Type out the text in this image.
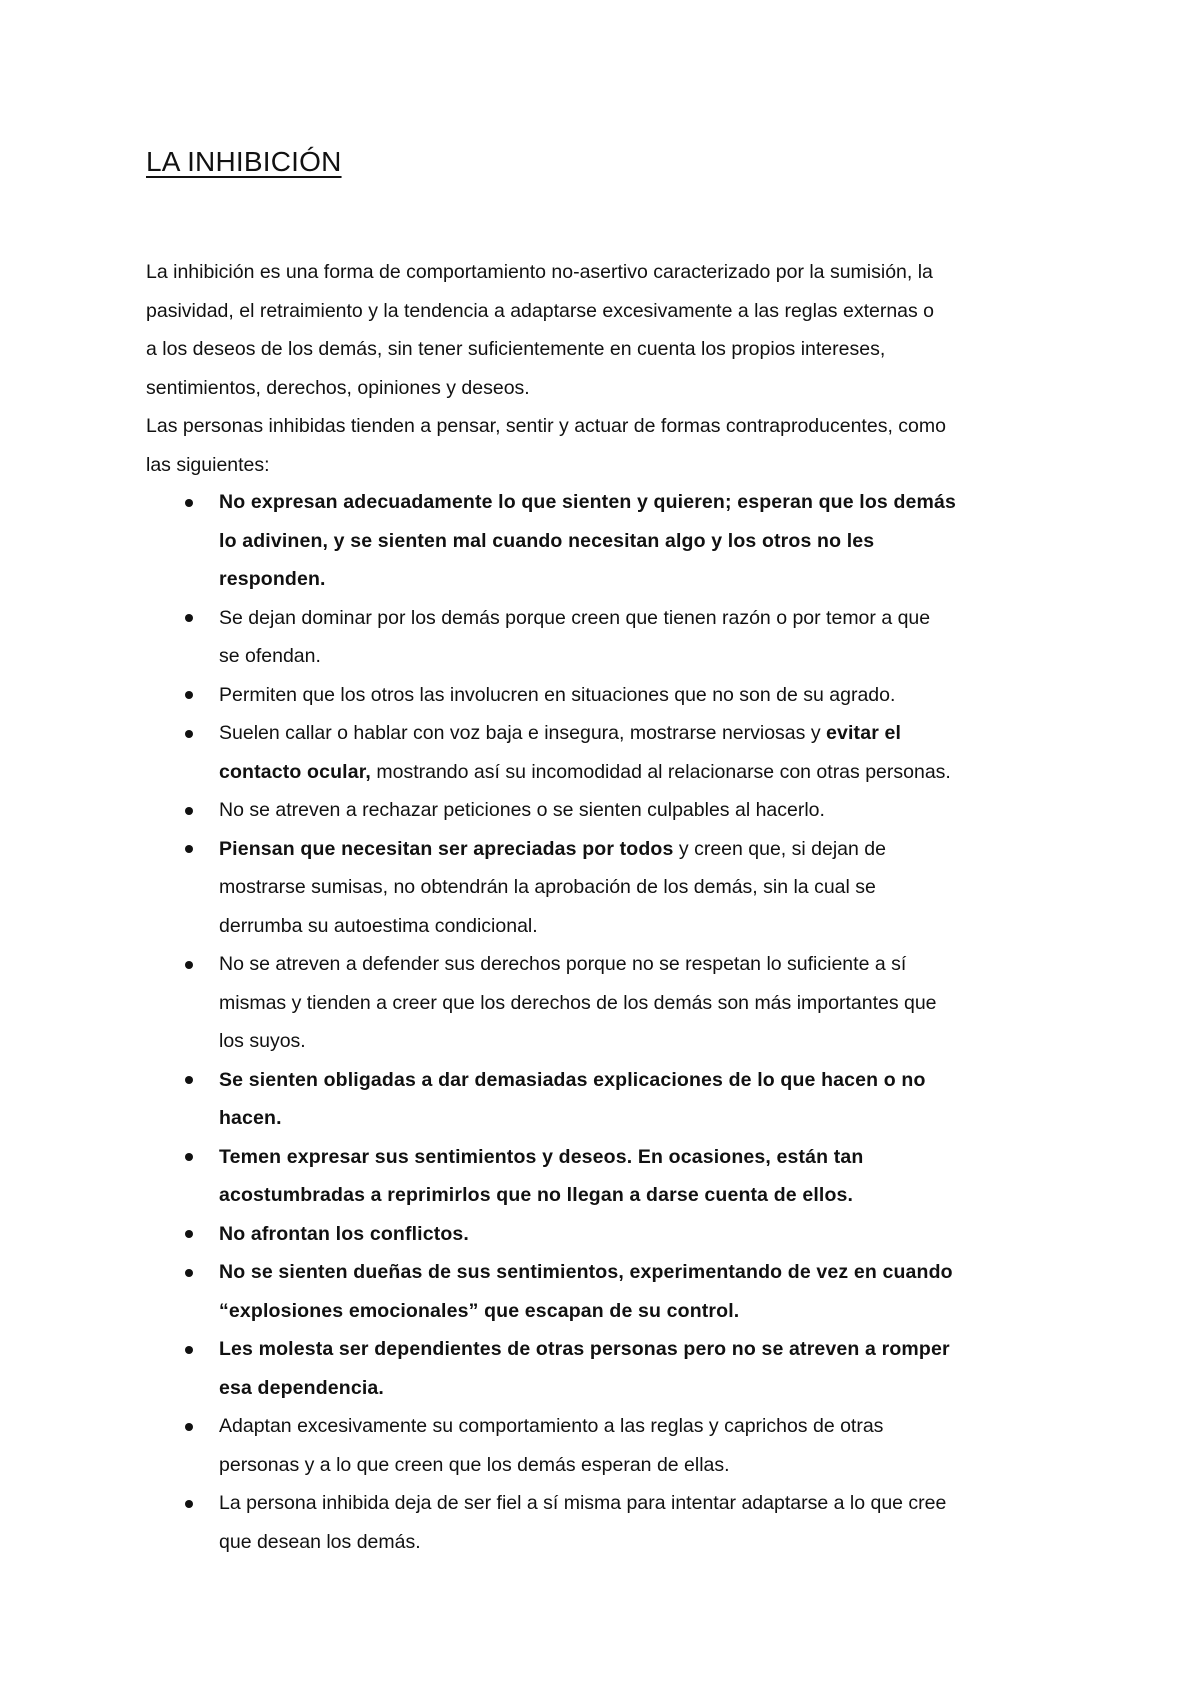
LA INHIBICIÓN

La inhibición es una forma de comportamiento no-asertivo caracterizado por la sumisión, la
pasividad, el retraimiento y la tendencia a adaptarse excesivamente a las reglas externas o
a los deseos de los demás, sin tener suficientemente en cuenta los propios intereses,
sentimientos, derechos, opiniones y deseos.

Las personas inhibidas tienden a pensar, sentir y actuar de formas contraproducentes, como
las siguientes:

No expresan adecuadamente lo que sienten y quieren; esperan que los demás
lo adivinen, y se sienten mal cuando necesitan algo y los otros no les
responden.
Se dejan dominar por los demás porque creen que tienen razón o por temor a que
se ofendan.
Permiten que los otros las involucren en situaciones que no son de su agrado.
Suelen callar o hablar con voz baja e insegura, mostrarse nerviosas y evitar el
contacto ocular, mostrando así su incomodidad al relacionarse con otras personas.
No se atreven a rechazar peticiones o se sienten culpables al hacerlo.
Piensan que necesitan ser apreciadas por todos y creen que, si dejan de
mostrarse sumisas, no obtendrán la aprobación de los demás, sin la cual se
derrumba su autoestima condicional.
No se atreven a defender sus derechos porque no se respetan lo suficiente a sí
mismas y tienden a creer que los derechos de los demás son más importantes que
los suyos.
Se sienten obligadas a dar demasiadas explicaciones de lo que hacen o no
hacen.
Temen expresar sus sentimientos y deseos. En ocasiones, están tan
acostumbradas a reprimirlos que no llegan a darse cuenta de ellos.
No afrontan los conflictos.
No se sienten dueñas de sus sentimientos, experimentando de vez en cuando
“explosiones emocionales” que escapan de su control.
Les molesta ser dependientes de otras personas pero no se atreven a romper
esa dependencia.
Adaptan excesivamente su comportamiento a las reglas y caprichos de otras
personas y a lo que creen que los demás esperan de ellas.
La persona inhibida deja de ser fiel a sí misma para intentar adaptarse a lo que cree
que desean los demás.
